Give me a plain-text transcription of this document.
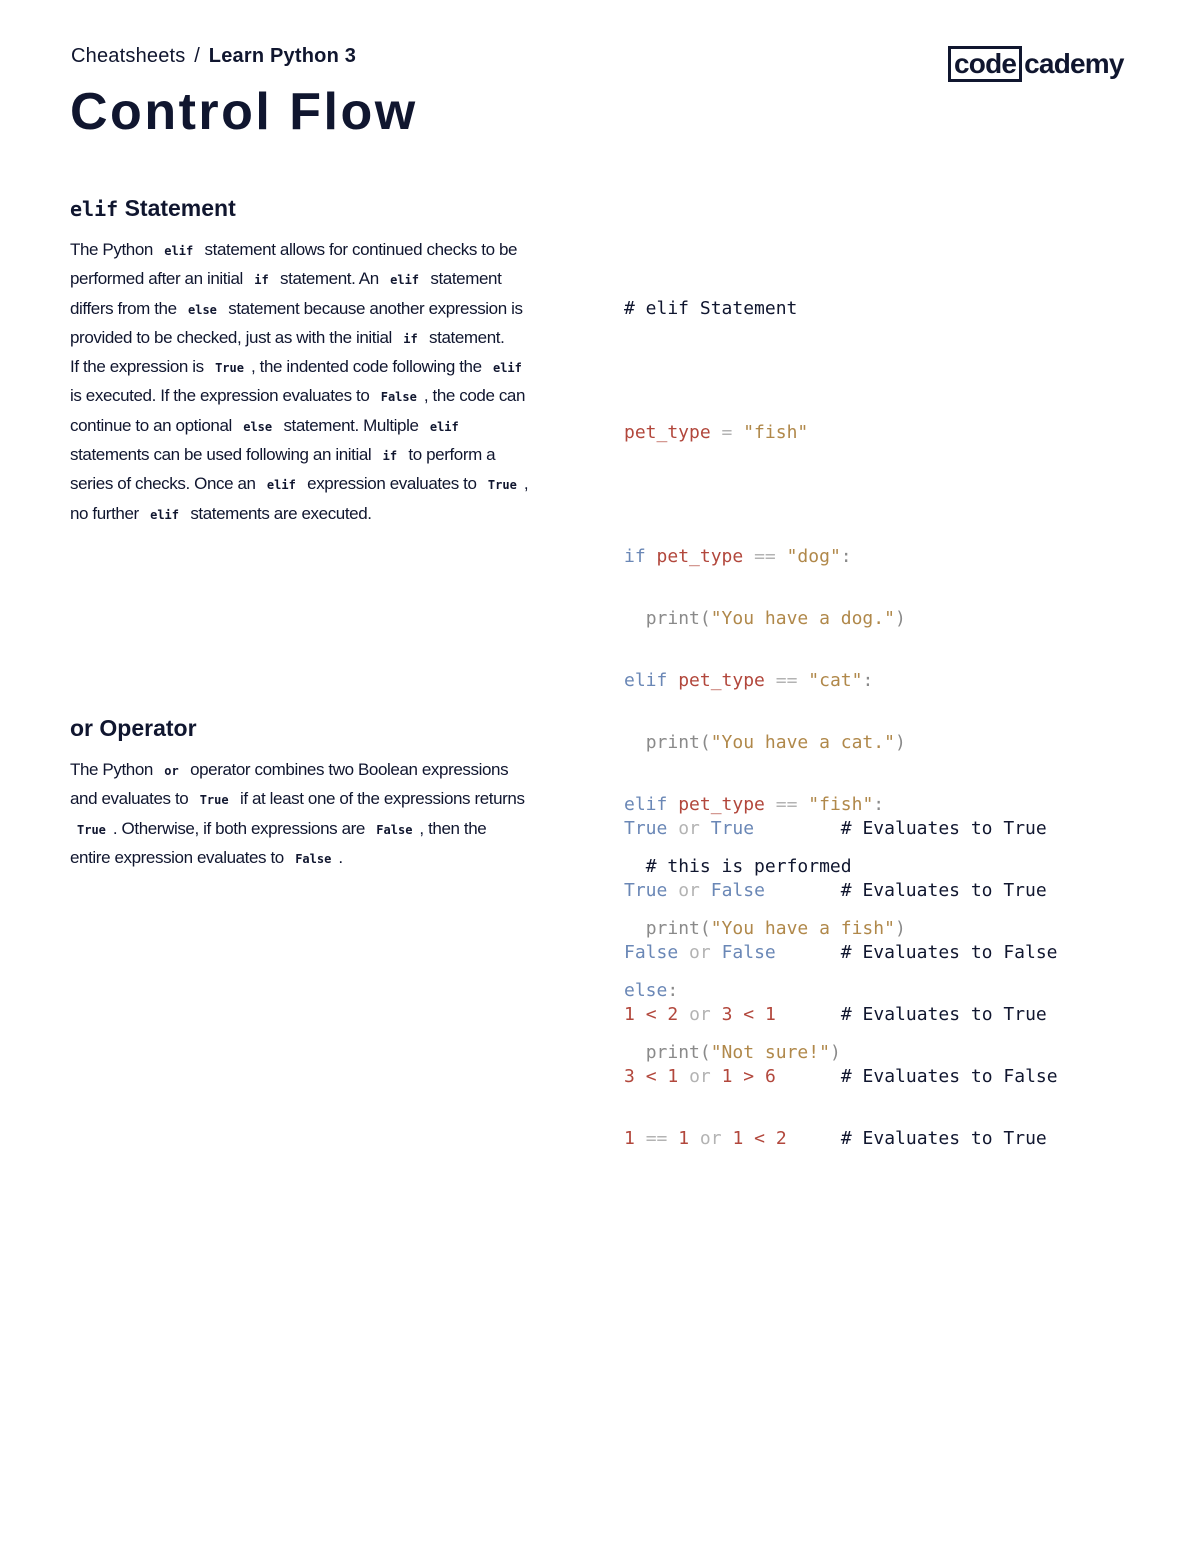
Cheatsheets / Learn Python 3
Control Flow
code cademy
elif Statement

The Python elif statement allows for continued checks to be performed after an initial if statement. An elif statement differs from the else statement because another expression is provided to be checked, just as with the initial if statement.

If the expression is True , the indented code following the elif is executed. If the expression evaluates to False , the code can continue to an optional else statement. Multiple elif statements can be used following an initial if to perform a series of checks. Once an elif expression evaluates to True , no further elif statements are executed.

# elif Statement

pet_type = "fish"

if pet_type == "dog":

print("You have a dog.")

elif pet_type == "cat":

print("You have a cat.")

elif pet_type == "fish":

# this is performed

print("You have a fish")

else:

print("Not sure!")

or Operator

The Python or operator combines two Boolean expressions and evaluates to True if at least one of the expressions returns True . Otherwise, if both expressions are False , then the entire expression evaluates to False .

True or True	# Evaluates to True

True or False	# Evaluates to True

False or False	# Evaluates to False

1 < 2 or 3 < 1	# Evaluates to True

3 < 1 or 1 > 6	# Evaluates to False

1 == 1 or 1 < 2	# Evaluates to True
